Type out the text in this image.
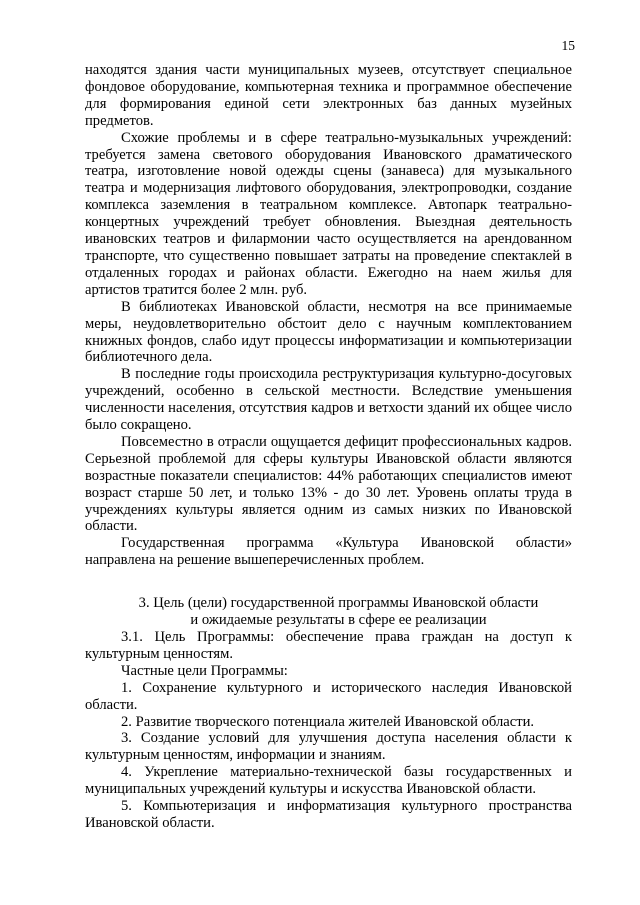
15

находятся здания части муниципальных музеев, отсутствует специальное фондовое оборудование, компьютерная техника и программное обеспечение для формирования единой сети электронных баз данных музейных предметов.

Схожие проблемы и в сфере театрально-музыкальных учреждений: требуется замена светового оборудования Ивановского драматического театра, изготовление новой одежды сцены (занавеса) для музыкального театра и модернизация лифтового оборудования, электропроводки, создание комплекса заземления в театральном комплексе. Автопарк театрально-концертных учреждений требует обновления. Выездная деятельность ивановских театров и филармонии часто осуществляется на арендованном транспорте, что существенно повышает затраты на проведение спектаклей в отдаленных городах и районах области. Ежегодно на наем жилья для артистов тратится более 2 млн. руб.

В библиотеках Ивановской области, несмотря на все принимаемые меры, неудовлетворительно обстоит дело с научным комплектованием книжных фондов, слабо идут процессы информатизации и компьютеризации библиотечного дела.

В последние годы происходила реструктуризация культурно-досуговых учреждений, особенно в сельской местности. Вследствие уменьшения численности населения, отсутствия кадров и ветхости зданий их общее число было сокращено.

Повсеместно в отрасли ощущается дефицит профессиональных кадров. Серьезной проблемой для сферы культуры Ивановской области являются возрастные показатели специалистов: 44% работающих специалистов имеют возраст старше 50 лет, и только 13% - до 30 лет. Уровень оплаты труда в учреждениях культуры является одним из самых низких по Ивановской области.

Государственная программа «Культура Ивановской области» направлена на решение вышеперечисленных проблем.

3. Цель (цели) государственной программы Ивановской области
и ожидаемые результаты в сфере ее реализации

3.1. Цель Программы: обеспечение права граждан на доступ к культурным ценностям.

Частные цели Программы:

1. Сохранение культурного и исторического наследия Ивановской области.

2. Развитие творческого потенциала жителей Ивановской области.

3. Создание условий для улучшения доступа населения области к культурным ценностям, информации и знаниям.

4. Укрепление материально-технической базы государственных и муниципальных учреждений культуры и искусства Ивановской области.

5. Компьютеризация и информатизация культурного пространства Ивановской области.
